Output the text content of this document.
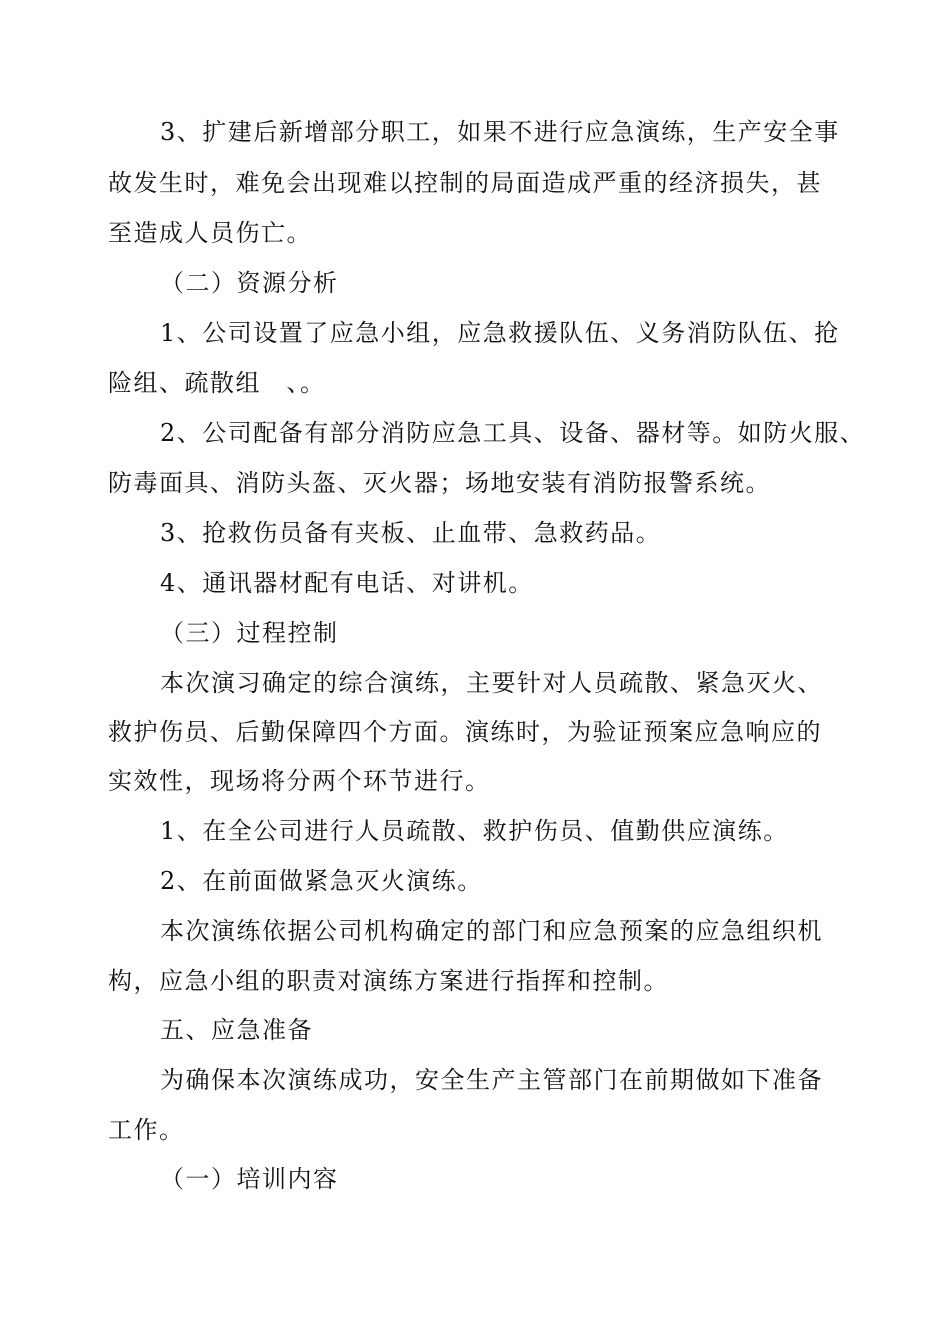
3、扩建后新增部分职工，如果不进行应急演练，生产安全事
故发生时，难免会出现难以控制的局面造成严重的经济损失，甚
至造成人员伤亡。
（二）资源分析
1、公司设置了应急小组，应急救援队伍、义务消防队伍、抢
险组、疏散组　、。
2、公司配备有部分消防应急工具、设备、器材等。如防火服、
防毒面具、消防头盔、灭火器；场地安装有消防报警系统。
3、抢救伤员备有夹板、止血带、急救药品。
4、通讯器材配有电话、对讲机。
（三）过程控制
本次演习确定的综合演练，主要针对人员疏散、紧急灭火、
救护伤员、后勤保障四个方面。演练时，为验证预案应急响应的
实效性，现场将分两个环节进行。
1、在全公司进行人员疏散、救护伤员、值勤供应演练。
2、在前面做紧急灭火演练。
本次演练依据公司机构确定的部门和应急预案的应急组织机
构，应急小组的职责对演练方案进行指挥和控制。
五、应急准备
为确保本次演练成功，安全生产主管部门在前期做如下准备
工作。
（一）培训内容
